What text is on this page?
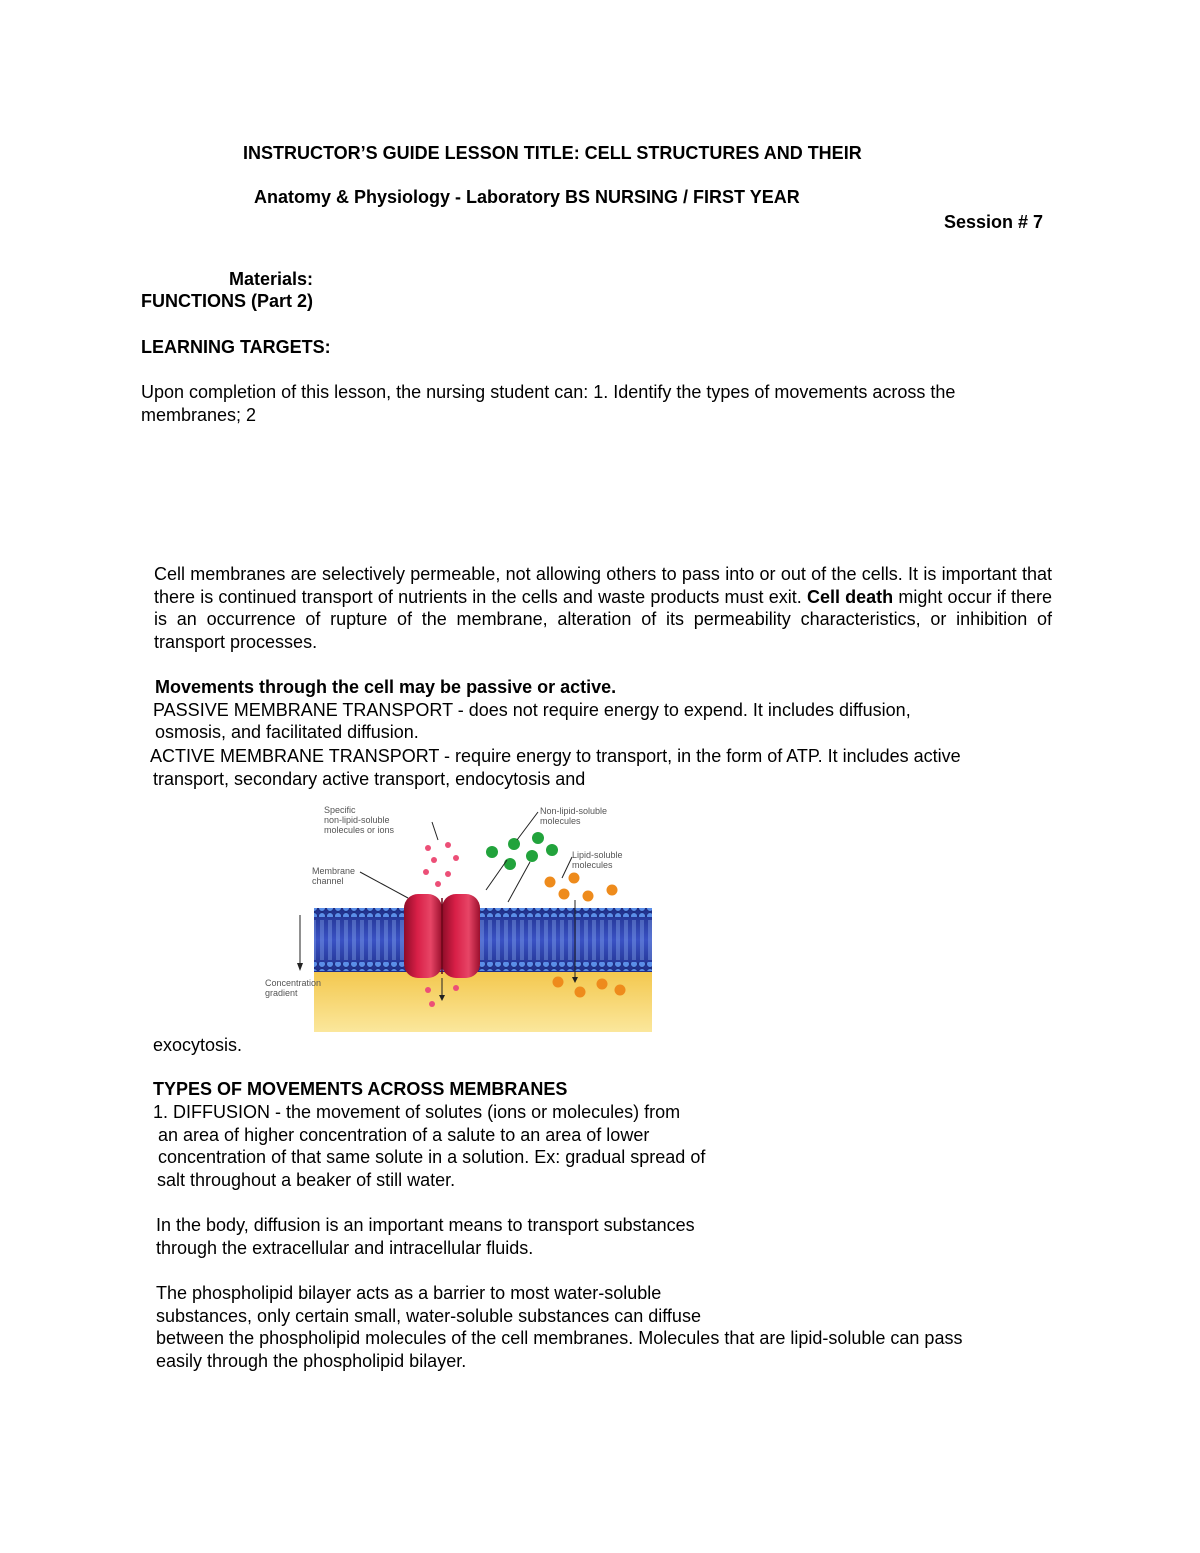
INSTRUCTOR’S GUIDE LESSON TITLE: CELL STRUCTURES AND THEIR
Anatomy & Physiology - Laboratory BS NURSING / FIRST YEAR
Session # 7
Materials:
FUNCTIONS (Part 2)
LEARNING TARGETS:
Upon completion of this lesson, the nursing student can: 1. Identify the types of movements across the
membranes; 2
Cell membranes are selectively permeable, not allowing others to pass into or out of the cells. It is important that there is continued transport of nutrients in the cells and waste products must exit. Cell death might occur if there is an occurrence of rupture of the membrane, alteration of its permeability characteristics, or inhibition of transport processes.
Movements through the cell may be passive or active.
PASSIVE MEMBRANE TRANSPORT - does not require energy to expend. It includes diffusion,
osmosis, and facilitated diffusion.
ACTIVE MEMBRANE TRANSPORT - require energy to transport, in the form of ATP. It includes active
transport, secondary active transport, endocytosis and
Specific non-lipid-soluble molecules or ions
Non-lipid-soluble molecules
Lipid-soluble molecules
Membrane channel
Concentration gradient
exocytosis.
TYPES OF MOVEMENTS ACROSS MEMBRANES
1. DIFFUSION - the movement of solutes (ions or molecules) from
an area of higher concentration of a salute to an area of lower
concentration of that same solute in a solution. Ex: gradual spread of
salt throughout a beaker of still water.
In the body, diffusion is an important means to transport substances
through the extracellular and intracellular fluids.
The phospholipid bilayer acts as a barrier to most water-soluble
substances, only certain small, water-soluble substances can diffuse
between the phospholipid molecules of the cell membranes. Molecules that are lipid-soluble can pass
easily through the phospholipid bilayer.
